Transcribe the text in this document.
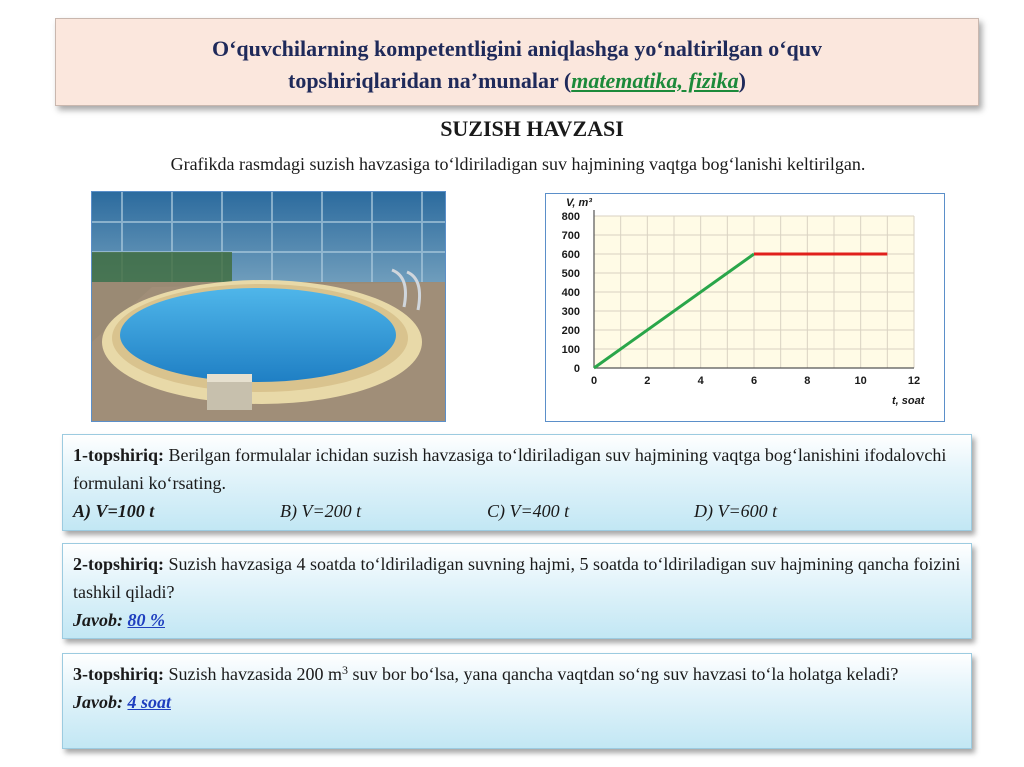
O‘quvchilarning kompetentligini aniqlashga yo‘naltirilgan o‘quv
topshiriqlaridan na’munalar (matematika, fizika)
SUZISH HAVZASI
Grafikda rasmdagi suzish havzasiga to‘ldiriladigan suv hajmining vaqtga bog‘lanishi keltirilgan.
0	2	4	6	8	10	12
0
100
200
300
400
500
600
700
800
V, m³
t, soat
1-topshiriq: Berilgan formulalar ichidan suzish havzasiga to‘ldiriladigan suv hajmining vaqtga bog‘lanishini ifodalovchi formulani ko‘rsating.
A) V=100 t	B) V=200 t	C) V=400 t	D) V=600 t
2-topshiriq: Suzish havzasiga 4 soatda to‘ldiriladigan suvning hajmi, 5 soatda to‘ldiriladigan suv hajmining qancha foizini tashkil qiladi?
Javob: 80 %
3-topshiriq: Suzish havzasida 200 $m^3$ suv bor bo‘lsa, yana qancha vaqtdan so‘ng suv havzasi to‘la holatga keladi?
Javob: 4 soat
